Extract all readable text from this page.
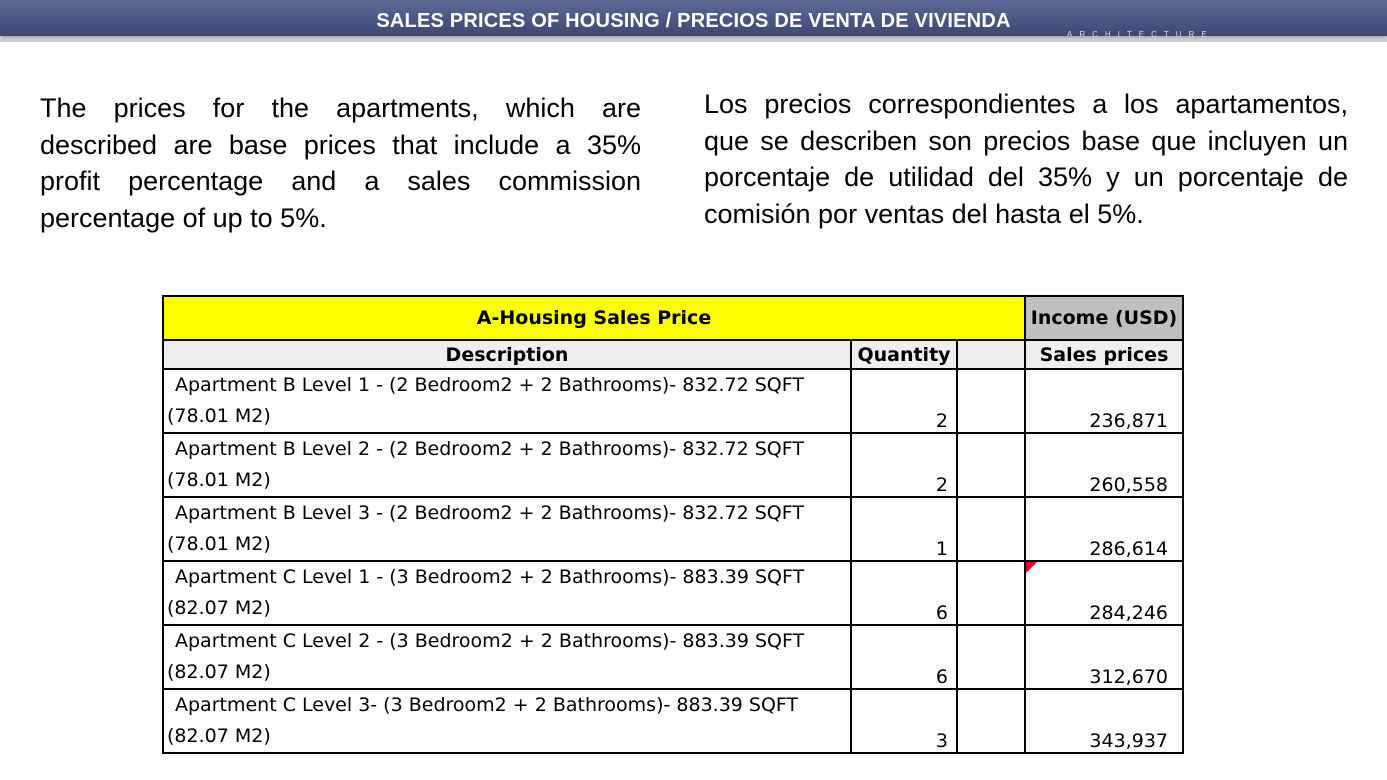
SALES PRICES OF HOUSING / PRECIOS DE VENTA DE VIVIENDA
ARCHITECTURE
The prices for the apartments, which are described are base prices that include a 35% profit percentage and a sales commission percentage of up to 5%.
Los precios correspondientes a los apartamentos, que se describen son precios base que incluyen un porcentaje de utilidad del 35% y un porcentaje de comisión por ventas del hasta el 5%.
A-Housing Sales Price			Income (USD)
Description	Quantity		Sales prices

Apartment B Level 1 - (2 Bedroom2 + 2 Bathrooms)- 832.72 SQFT
(78.01 M2)	2		236,871

Apartment B Level 2 - (2 Bedroom2 + 2 Bathrooms)- 832.72 SQFT
(78.01 M2)	2		260,558

Apartment B Level 3 - (2 Bedroom2 + 2 Bathrooms)- 832.72 SQFT
(78.01 M2)	1		286,614

Apartment C Level 1 - (3 Bedroom2 + 2 Bathrooms)- 883.39 SQFT
(82.07 M2)	6		284,246

Apartment C Level 2 - (3 Bedroom2 + 2 Bathrooms)- 883.39 SQFT
(82.07 M2)	6		312,670

Apartment C Level 3- (3 Bedroom2 + 2 Bathrooms)- 883.39 SQFT
(82.07 M2)	3		343,937
